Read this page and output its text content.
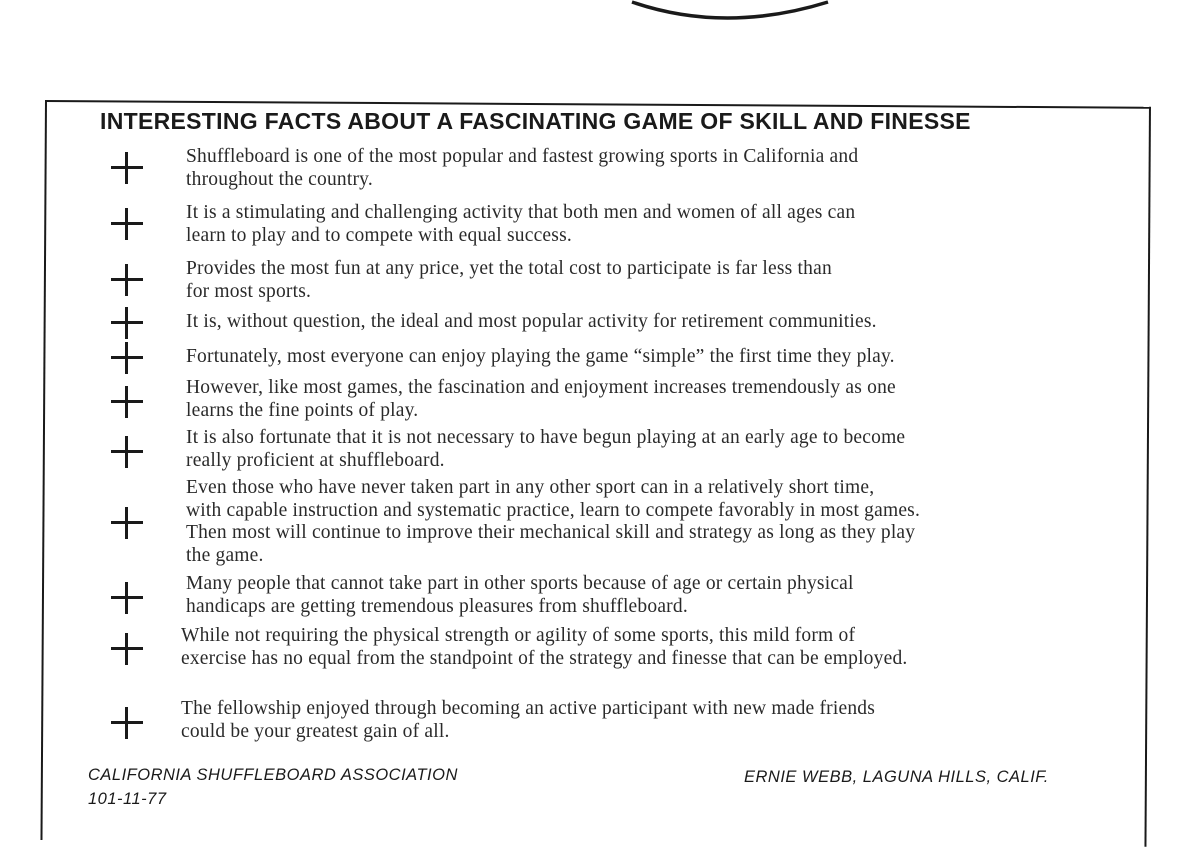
INTERESTING FACTS ABOUT A FASCINATING GAME OF SKILL AND FINESSE
Shuffleboard is one of the most popular and fastest growing sports in California and
throughout the country.
It is a stimulating and challenging activity that both men and women of all ages can
learn to play and to compete with equal success.
Provides the most fun at any price, yet the total cost to participate is far less than
for most sports.
It is, without question, the ideal and most popular activity for retirement communities.
Fortunately, most everyone can enjoy playing the game “simple” the first time they play.
However, like most games, the fascination and enjoyment increases tremendously as one
learns the fine points of play.
It is also fortunate that it is not necessary to have begun playing at an early age to become
really proficient at shuffleboard.
Even those who have never taken part in any other sport can in a relatively short time,
with capable instruction and systematic practice, learn to compete favorably in most games.
Then most will continue to improve their mechanical skill and strategy as long as they play
the game.
Many people that cannot take part in other sports because of age or certain physical
handicaps are getting tremendous pleasures from shuffleboard.
While not requiring the physical strength or agility of some sports, this mild form of
exercise has no equal from the standpoint of the strategy and finesse that can be employed.
The fellowship enjoyed through becoming an active participant with new made friends
could be your greatest gain of all.
CALIFORNIA SHUFFLEBOARD ASSOCIATION
101-11-77
ERNIE WEBB, LAGUNA HILLS, CALIF.
